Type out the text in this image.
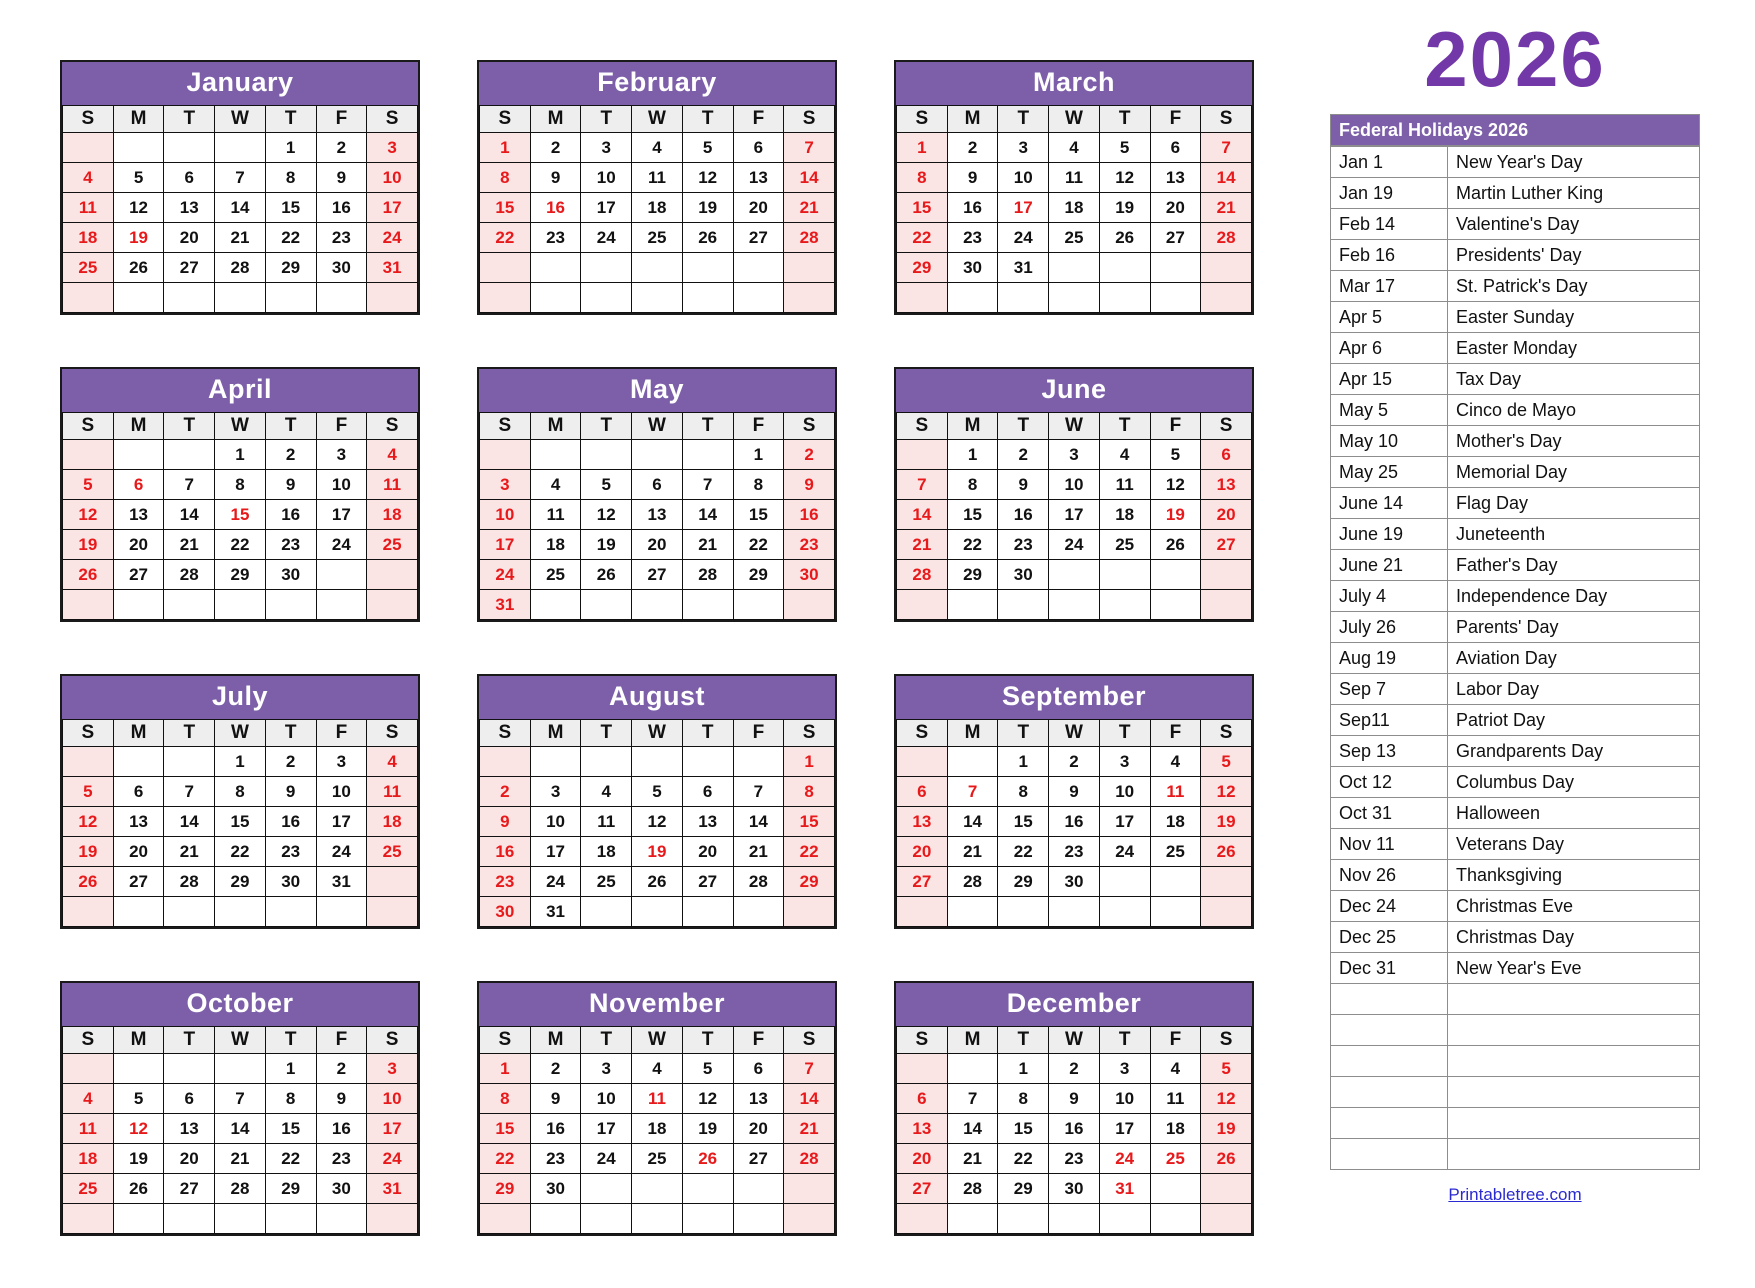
January
S	M	T	W	T	F	S
				1	2	3
4	5	6	7	8	9	10
11	12	13	14	15	16	17
18	19	20	21	22	23	24
25	26	27	28	29	30	31

February
S	M	T	W	T	F	S
1	2	3	4	5	6	7
8	9	10	11	12	13	14
15	16	17	18	19	20	21
22	23	24	25	26	27	28

March
S	M	T	W	T	F	S
1	2	3	4	5	6	7
8	9	10	11	12	13	14
15	16	17	18	19	20	21
22	23	24	25	26	27	28
29	30	31				

April
S	M	T	W	T	F	S
			1	2	3	4
5	6	7	8	9	10	11
12	13	14	15	16	17	18
19	20	21	22	23	24	25
26	27	28	29	30		

May
S	M	T	W	T	F	S
					1	2
3	4	5	6	7	8	9
10	11	12	13	14	15	16
17	18	19	20	21	22	23
24	25	26	27	28	29	30
31						
June
S	M	T	W	T	F	S
	1	2	3	4	5	6
7	8	9	10	11	12	13
14	15	16	17	18	19	20
21	22	23	24	25	26	27
28	29	30				

July
S	M	T	W	T	F	S
			1	2	3	4
5	6	7	8	9	10	11
12	13	14	15	16	17	18
19	20	21	22	23	24	25
26	27	28	29	30	31	

August
S	M	T	W	T	F	S
						1
2	3	4	5	6	7	8
9	10	11	12	13	14	15
16	17	18	19	20	21	22
23	24	25	26	27	28	29
30	31					
September
S	M	T	W	T	F	S
		1	2	3	4	5
6	7	8	9	10	11	12
13	14	15	16	17	18	19
20	21	22	23	24	25	26
27	28	29	30			

October
S	M	T	W	T	F	S
				1	2	3
4	5	6	7	8	9	10
11	12	13	14	15	16	17
18	19	20	21	22	23	24
25	26	27	28	29	30	31

November
S	M	T	W	T	F	S
1	2	3	4	5	6	7
8	9	10	11	12	13	14
15	16	17	18	19	20	21
22	23	24	25	26	27	28
29	30					

December
S	M	T	W	T	F	S
		1	2	3	4	5
6	7	8	9	10	11	12
13	14	15	16	17	18	19
20	21	22	23	24	25	26
27	28	29	30	31		

2026
Federal Holidays 2026
Jan 1	New Year's Day
Jan 19	Martin Luther King
Feb 14	Valentine's Day
Feb 16	Presidents' Day
Mar 17	St. Patrick's Day
Apr 5	Easter Sunday
Apr 6	Easter Monday
Apr 15	Tax Day
May 5	Cinco de Mayo
May 10	Mother's Day
May 25	Memorial Day
June 14	Flag Day
June 19	Juneteenth
June 21	Father's Day
July 4	Independence Day
July 26	Parents' Day
Aug 19	Aviation Day
Sep 7	Labor Day
Sep11	Patriot Day
Sep 13	Grandparents Day
Oct 12	Columbus Day
Oct 31	Halloween
Nov 11	Veterans Day
Nov 26	Thanksgiving
Dec 24	Christmas Eve
Dec 25	Christmas Day
Dec 31	New Year's Eve

Printabletree.com
